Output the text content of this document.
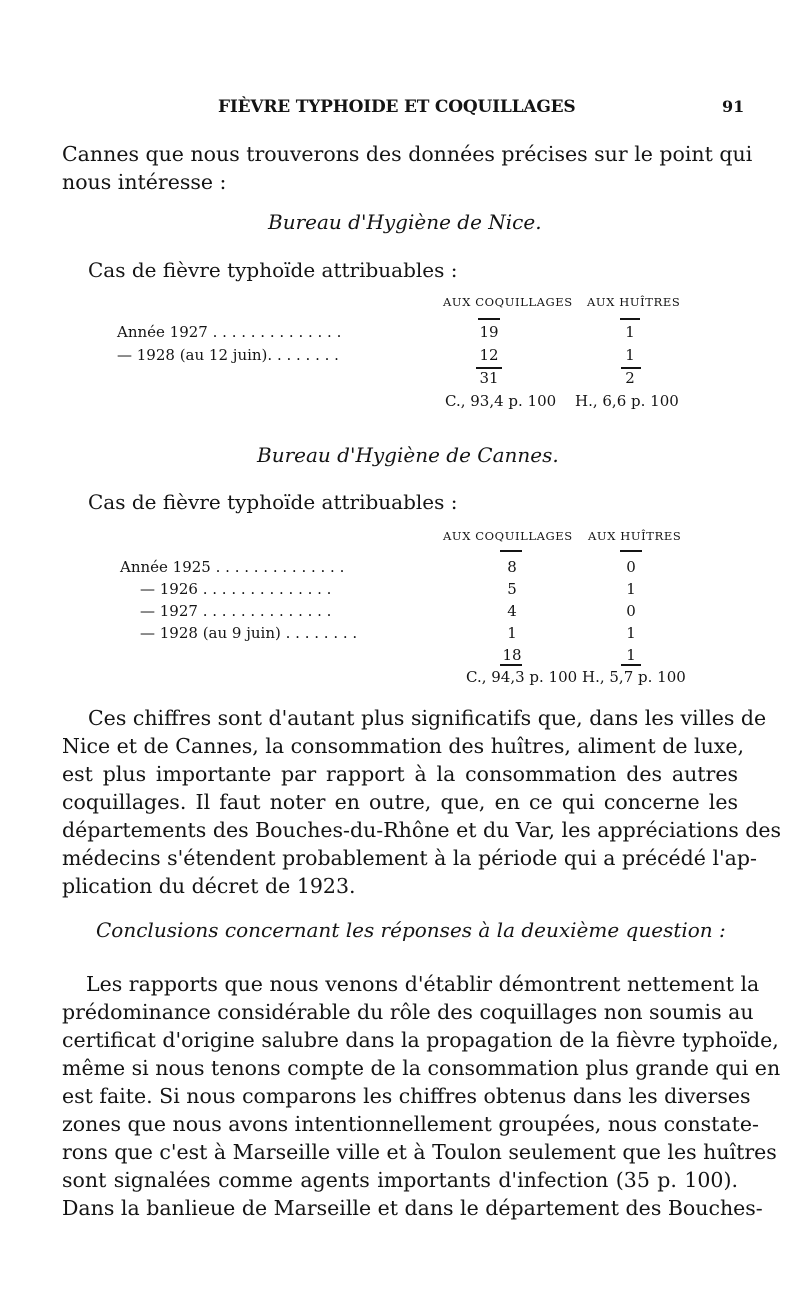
FIÈVRE TYPHOIDE ET COQUILLAGES	91
Cannes que nous trouverons des données précises sur le point qui
nous intéresse :
Bureau d'Hygiène de Nice.
Cas de fièvre typhoïde attribuables :
AUX COQUILLAGES AUX HUÎTRES
Année 1927 . . . . . . . . . . . . . .	19	1
— 1928 (au 12 juin). . . . . . . .	12	1
31	2
C., 93,4 p. 100 H., 6,6 p. 100
Bureau d'Hygiène de Cannes.
Cas de fièvre typhoïde attribuables :
AUX COQUILLAGES AUX HUÎTRES
Année 1925 . . . . . . . . . . . . . .	8	0
— 1926 . . . . . . . . . . . . . .	5	1
— 1927 . . . . . . . . . . . . . .	4	0
— 1928 (au 9 juin) . . . . . . . .	1	1
18	1
C., 94,3 p. 100 H., 5,7 p. 100
Ces chiffres sont d'autant plus significatifs que, dans les villes de
Nice et de Cannes, la consommation des huîtres, aliment de luxe,
est plus importante par rapport à la consommation des autres
coquillages. Il faut noter en outre, que, en ce qui concerne les
départements des Bouches-du-Rhône et du Var, les appréciations des
médecins s'étendent probablement à la période qui a précédé l'ap-
plication du décret de 1923.
Conclusions concernant les réponses à la deuxième question :
Les rapports que nous venons d'établir démontrent nettement la
prédominance considérable du rôle des coquillages non soumis au
certificat d'origine salubre dans la propagation de la fièvre typhoïde,
même si nous tenons compte de la consommation plus grande qui en
est faite. Si nous comparons les chiffres obtenus dans les diverses
zones que nous avons intentionnellement groupées, nous constate-
rons que c'est à Marseille ville et à Toulon seulement que les huîtres
sont signalées comme agents importants d'infection (35 p. 100).
Dans la banlieue de Marseille et dans le département des Bouches-
